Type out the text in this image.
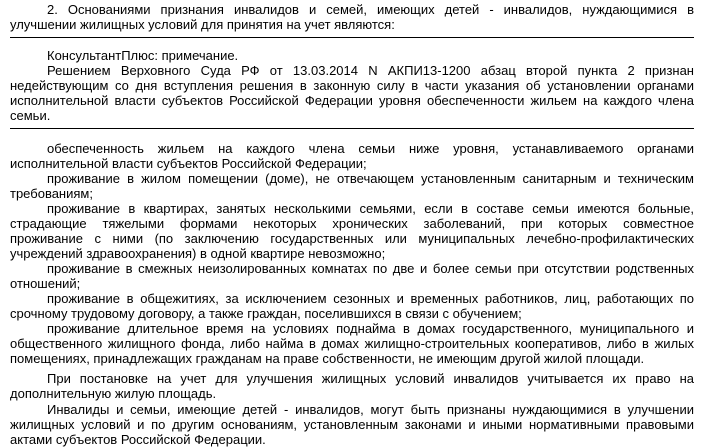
2. Основаниями признания инвалидов и семей, имеющих детей - инвалидов, нуждающимися в
улучшении жилищных условий для принятия на учет являются:
КонсультантПлюс: примечание.
Решением Верховного Суда РФ от 13.03.2014 N АКПИ13-1200 абзац второй пункта 2 признан
недействующим со дня вступления решения в законную силу в части указания об установлении органами
исполнительной власти субъектов Российской Федерации уровня обеспеченности жильем на каждого члена
семьи.
обеспеченность жильем на каждого члена семьи ниже уровня, устанавливаемого органами
исполнительной власти субъектов Российской Федерации;
проживание в жилом помещении (доме), не отвечающем установленным санитарным и техническим
требованиям;
проживание в квартирах, занятых несколькими семьями, если в составе семьи имеются больные,
страдающие тяжелыми формами некоторых хронических заболеваний, при которых совместное
проживание с ними (по заключению государственных или муниципальных лечебно-профилактических
учреждений здравоохранения) в одной квартире невозможно;
проживание в смежных неизолированных комнатах по две и более семьи при отсутствии родственных
отношений;
проживание в общежитиях, за исключением сезонных и временных работников, лиц, работающих по
срочному трудовому договору, а также граждан, поселившихся в связи с обучением;
проживание длительное время на условиях поднайма в домах государственного, муниципального и
общественного жилищного фонда, либо найма в домах жилищно-строительных кооперативов, либо в жилых
помещениях, принадлежащих гражданам на праве собственности, не имеющим другой жилой площади.
При постановке на учет для улучшения жилищных условий инвалидов учитывается их право на
дополнительную жилую площадь.
Инвалиды и семьи, имеющие детей - инвалидов, могут быть признаны нуждающимися в улучшении
жилищных условий и по другим основаниям, установленным законами и иными нормативными правовыми
актами субъектов Российской Федерации.
